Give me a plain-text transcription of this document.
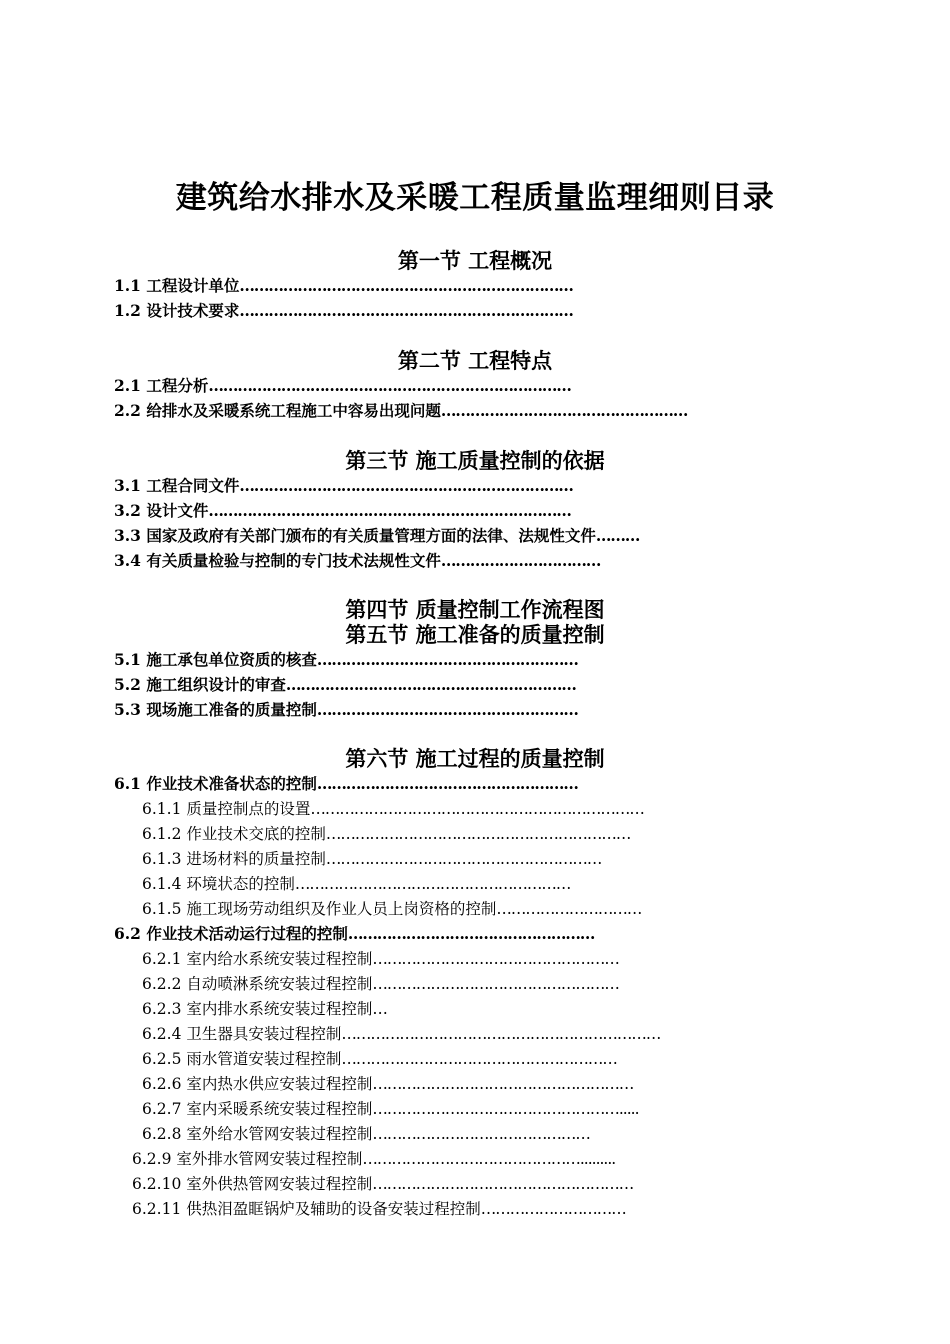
建筑给水排水及采暖工程质量监理细则目录
第一节 工程概况
1.1 工程设计单位……………………………………………………………
1.2 设计技术要求……………………………………………………………
第二节 工程特点
2.1 工程分析…………………………………………………………………
2.2 给排水及采暖系统工程施工中容易出现问题……………………………………………
第三节 施工质量控制的依据
3.1 工程合同文件……………………………………………………………
3.2 设计文件…………………………………………………………………
3.3 国家及政府有关部门颁布的有关质量管理方面的法律、法规性文件………
3.4 有关质量检验与控制的专门技术法规性文件……………………………
第四节 质量控制工作流程图
第五节 施工准备的质量控制
5.1 施工承包单位资质的核查………………………………………………
5.2 施工组织设计的审查……………………………………………………
5.3 现场施工准备的质量控制………………………………………………
第六节 施工过程的质量控制
6.1 作业技术准备状态的控制………………………………………………
6.1.1 质量控制点的设置……………………………………………………………
6.1.2 作业技术交底的控制………………………………………………………
6.1.3 进场材料的质量控制…………………………………………………
6.1.4 环境状态的控制…………………………………………………
6.1.5 施工现场劳动组织及作业人员上岗资格的控制…………………………
6.2 作业技术活动运行过程的控制……………………………………………
6.2.1 室内给水系统安装过程控制……………………………………………
6.2.2 自动喷淋系统安装过程控制……………………………………………
6.2.3 室内排水系统安装过程控制…
6.2.4 卫生器具安装过程控制…………………………………………………………
6.2.5 雨水管道安装过程控制…………………………………………………
6.2.6 室内热水供应安装过程控制………………………………………………
6.2.7 室内采暖系统安装过程控制…………………………………………….....
6.2.8 室外给水管网安装过程控制………………………………………
6.2.9 室外排水管网安装过程控制……………………………………….........
6.2.10 室外供热管网安装过程控制………………………………………………
6.2.11 供热泪盈眶锅炉及辅助的设备安装过程控制…………………………
